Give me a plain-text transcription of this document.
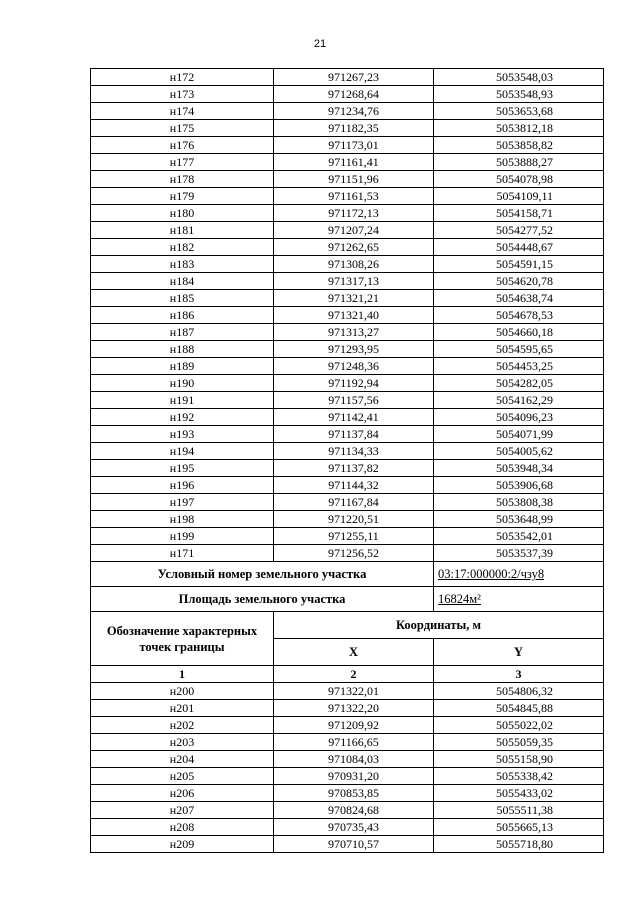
21
н172	971267,23	5053548,03
н173	971268,64	5053548,93
н174	971234,76	5053653,68
н175	971182,35	5053812,18
н176	971173,01	5053858,82
н177	971161,41	5053888,27
н178	971151,96	5054078,98
н179	971161,53	5054109,11
н180	971172,13	5054158,71
н181	971207,24	5054277,52
н182	971262,65	5054448,67
н183	971308,26	5054591,15
н184	971317,13	5054620,78
н185	971321,21	5054638,74
н186	971321,40	5054678,53
н187	971313,27	5054660,18
н188	971293,95	5054595,65
н189	971248,36	5054453,25
н190	971192,94	5054282,05
н191	971157,56	5054162,29
н192	971142,41	5054096,23
н193	971137,84	5054071,99
н194	971134,33	5054005,62
н195	971137,82	5053948,34
н196	971144,32	5053906,68
н197	971167,84	5053808,38
н198	971220,51	5053648,99
н199	971255,11	5053542,01
н171	971256,52	5053537,39
Условный номер земельного участка		03:17:000000:2/чзу8
Площадь земельного участка		16824м²
Обозначение характерных точек границы	Координаты, м	
	X	Y
1	2	3
н200	971322,01	5054806,32
н201	971322,20	5054845,88
н202	971209,92	5055022,02
н203	971166,65	5055059,35
н204	971084,03	5055158,90
н205	970931,20	5055338,42
н206	970853,85	5055433,02
н207	970824,68	5055511,38
н208	970735,43	5055665,13
н209	970710,57	5055718,80
